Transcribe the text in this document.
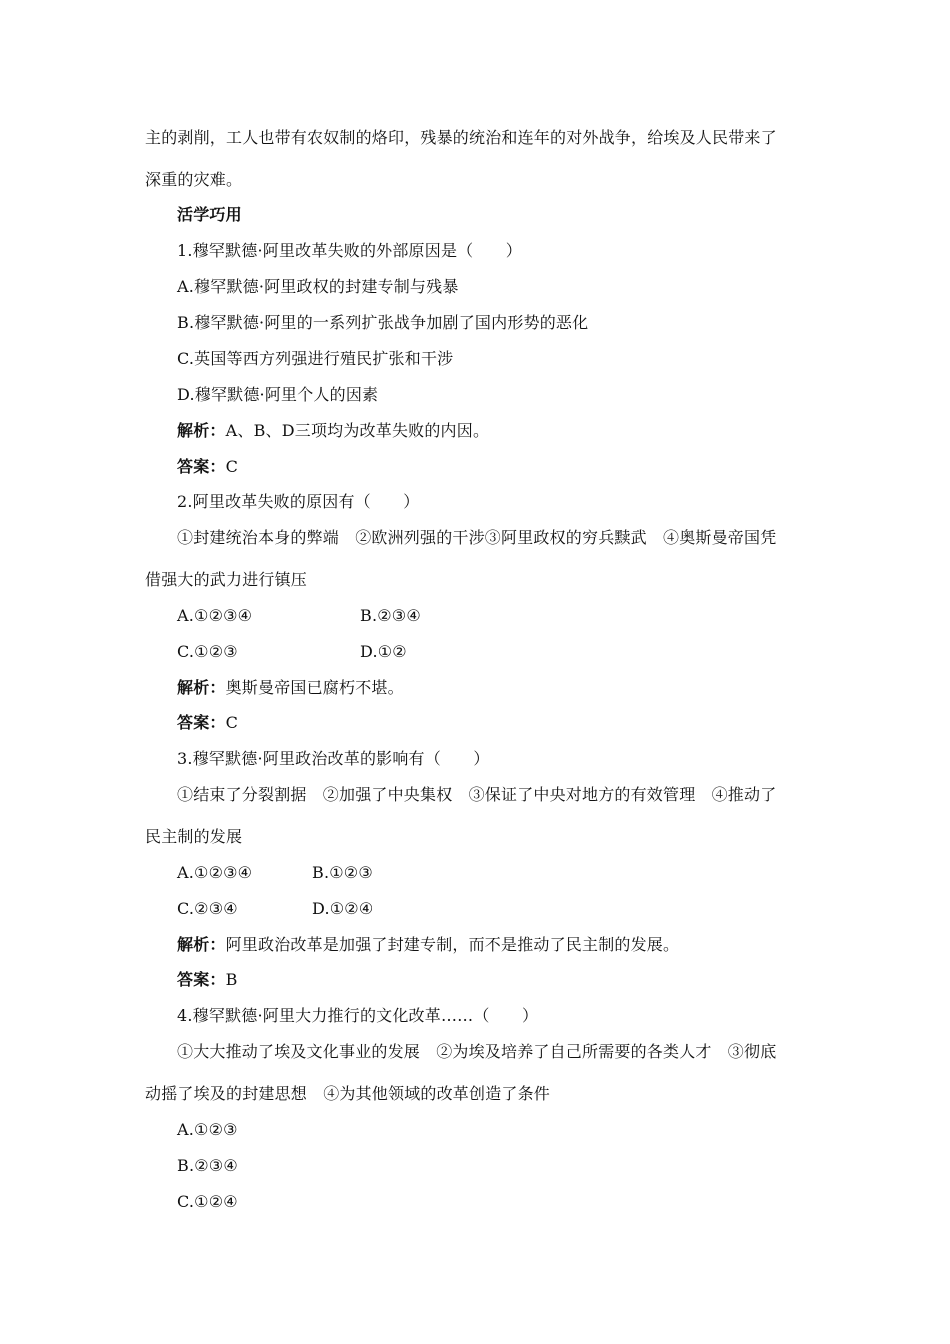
主的剥削，工人也带有农奴制的烙印，残暴的统治和连年的对外战争，给埃及人民带来了
深重的灾难。
活学巧用
1.穆罕默德·阿里改革失败的外部原因是（　　）
A.穆罕默德·阿里政权的封建专制与残暴
B.穆罕默德·阿里的一系列扩张战争加剧了国内形势的恶化
C.英国等西方列强进行殖民扩张和干涉
D.穆罕默德·阿里个人的因素
解析：A、B、D三项均为改革失败的内因。
答案：C
2.阿里改革失败的原因有（　　）
①封建统治本身的弊端　②欧洲列强的干涉③阿里政权的穷兵黩武　④奥斯曼帝国凭
借强大的武力进行镇压
A.①②③④	B.②③④
C.①②③	D.①②
解析：奥斯曼帝国已腐朽不堪。
答案：C
3.穆罕默德·阿里政治改革的影响有（　　）
①结束了分裂割据　②加强了中央集权　③保证了中央对地方的有效管理　④推动了
民主制的发展
A.①②③④	B.①②③
C.②③④	D.①②④
解析：阿里政治改革是加强了封建专制，而不是推动了民主制的发展。
答案：B
4.穆罕默德·阿里大力推行的文化改革……（　　）
①大大推动了埃及文化事业的发展　②为埃及培养了自己所需要的各类人才　③彻底
动摇了埃及的封建思想　④为其他领域的改革创造了条件
A.①②③
B.②③④
C.①②④
